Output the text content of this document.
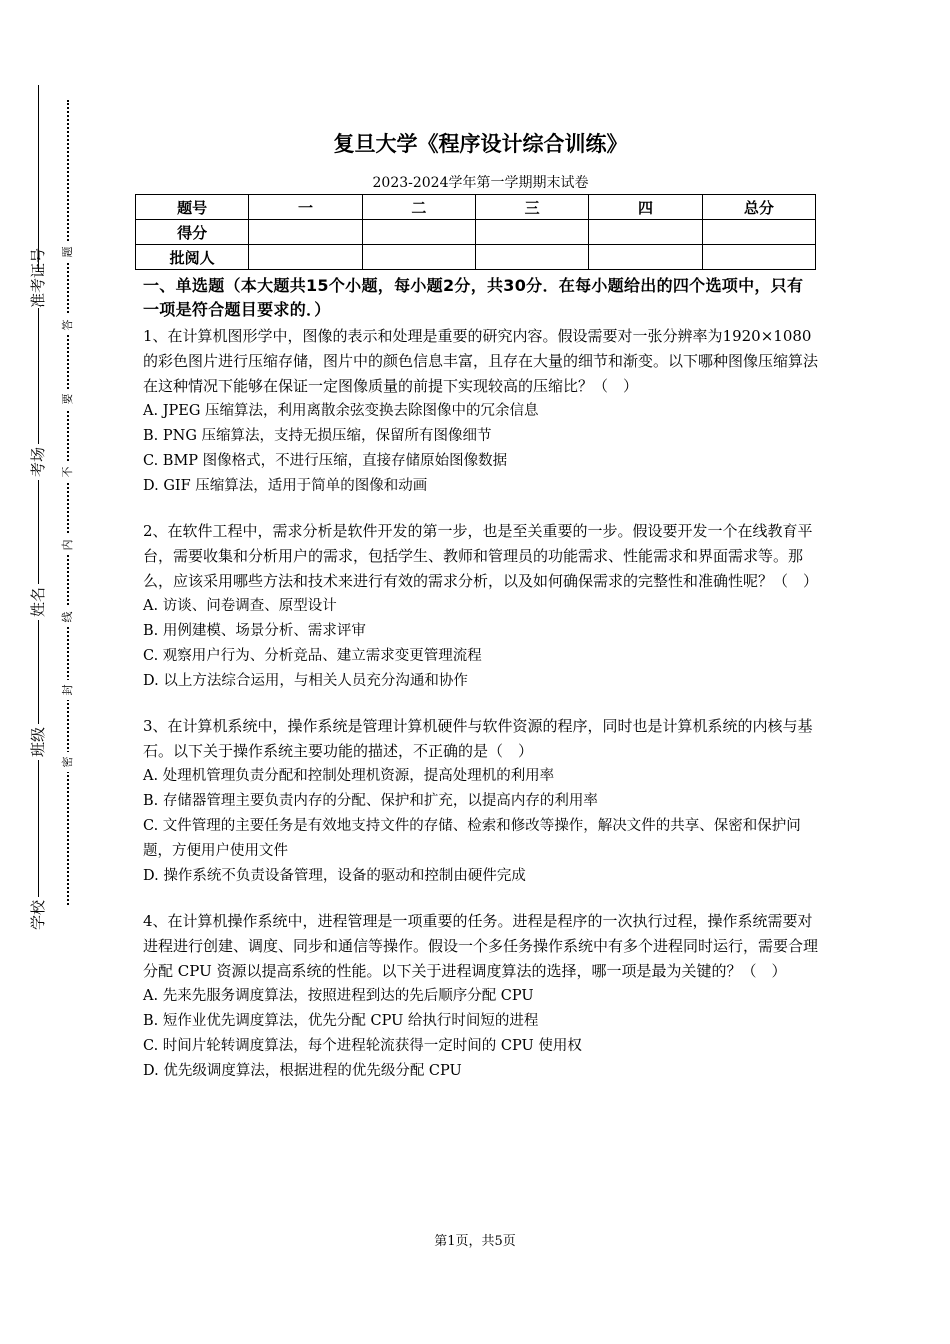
准考证号
考场
姓名
班级
学校
题
答
要
不
内
线
封
密
复旦大学《程序设计综合训练》
2023-2024学年第一学期期末试卷
题号	一	二	三	四	总分
得分					
批阅人					
一、单选题（本大题共15个小题，每小题2分，共30分．在每小题给出的四个选项中，只有一项是符合题目要求的．）

1、在计算机图形学中，图像的表示和处理是重要的研究内容。假设需要对一张分辨率为1920×1080的彩色图片进行压缩存储，图片中的颜色信息丰富，且存在大量的细节和渐变。以下哪种图像压缩算法在这种情况下能够在保证一定图像质量的前提下实现较高的压缩比？（　）

A. JPEG 压缩算法，利用离散余弦变换去除图像中的冗余信息

B. PNG 压缩算法，支持无损压缩，保留所有图像细节

C. BMP 图像格式，不进行压缩，直接存储原始图像数据

D. GIF 压缩算法，适用于简单的图像和动画

2、在软件工程中，需求分析是软件开发的第一步，也是至关重要的一步。假设要开发一个在线教育平台，需要收集和分析用户的需求，包括学生、教师和管理员的功能需求、性能需求和界面需求等。那么，应该采用哪些方法和技术来进行有效的需求分析，以及如何确保需求的完整性和准确性呢？（　）

A. 访谈、问卷调查、原型设计

B. 用例建模、场景分析、需求评审

C. 观察用户行为、分析竞品、建立需求变更管理流程

D. 以上方法综合运用，与相关人员充分沟通和协作

3、在计算机系统中，操作系统是管理计算机硬件与软件资源的程序，同时也是计算机系统的内核与基石。以下关于操作系统主要功能的描述，不正确的是（　）

A. 处理机管理负责分配和控制处理机资源，提高处理机的利用率

B. 存储器管理主要负责内存的分配、保护和扩充，以提高内存的利用率

C. 文件管理的主要任务是有效地支持文件的存储、检索和修改等操作，解决文件的共享、保密和保护问题，方便用户使用文件

D. 操作系统不负责设备管理，设备的驱动和控制由硬件完成

4、在计算机操作系统中，进程管理是一项重要的任务。进程是程序的一次执行过程，操作系统需要对进程进行创建、调度、同步和通信等操作。假设一个多任务操作系统中有多个进程同时运行，需要合理分配 CPU 资源以提高系统的性能。以下关于进程调度算法的选择，哪一项是最为关键的？（　）

A. 先来先服务调度算法，按照进程到达的先后顺序分配 CPU

B. 短作业优先调度算法，优先分配 CPU 给执行时间短的进程

C. 时间片轮转调度算法，每个进程轮流获得一定时间的 CPU 使用权

D. 优先级调度算法，根据进程的优先级分配 CPU

第1页，共5页
